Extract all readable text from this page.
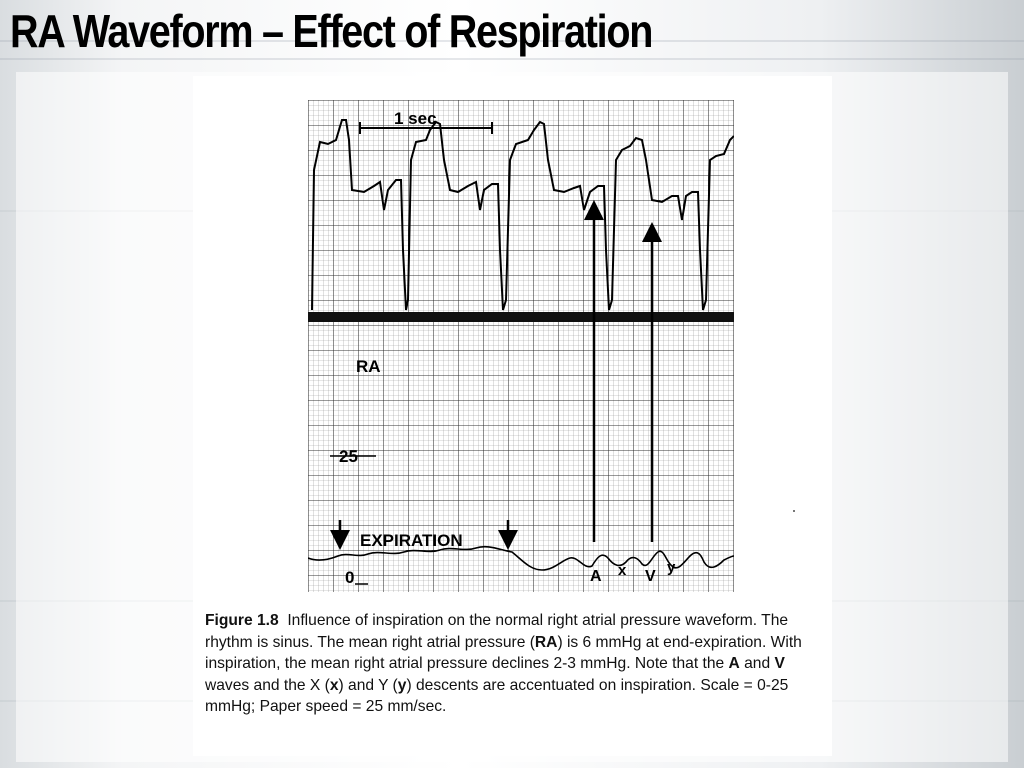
RA Waveform – Effect of Respiration
1 sec
RA
25
0
EXPIRATION
A x V
y
Figure 1.8 Influence of inspiration on the normal right atrial pressure waveform. The rhythm is sinus. The mean right atrial pressure (RA) is 6 mmHg at end-expiration. With inspiration, the mean right atrial pressure declines 2-3 mmHg. Note that the A and V waves and the X (x) and Y (y) descents are accentuated on inspiration. Scale = 0-25 mmHg; Paper speed = 25 mm/sec.
